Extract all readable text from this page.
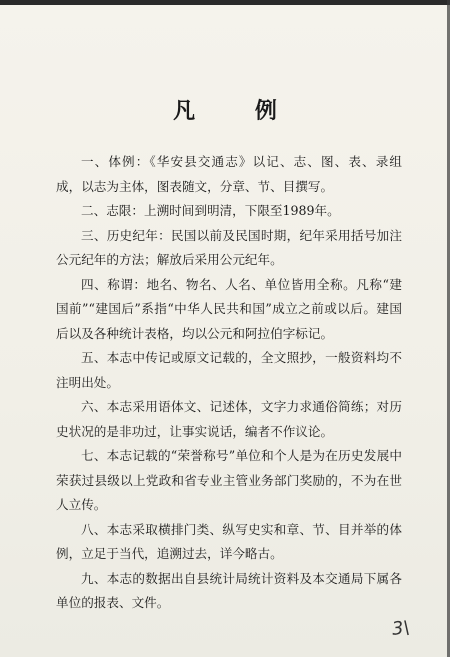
凡 例

一、体例：《华安县交通志》以记、志、图、表、录组成，以志为主体，图表随文，分章、节、目撰写。

二、志限：上溯时间到明清，下限至1989年。

三、历史纪年：民国以前及民国时期，纪年采用括号加注公元纪年的方法；解放后采用公元纪年。

四、称谓：地名、物名、人名、单位皆用全称。凡称“建国前”“建国后”系指“中华人民共和国”成立之前或以后。建国后以及各种统计表格，均以公元和阿拉伯字标记。

五、本志中传记或原文记载的，全文照抄，一般资料均不注明出处。

六、本志采用语体文、记述体，文字力求通俗简练；对历史状况的是非功过，让事实说话，编者不作议论。

七、本志记载的“荣誉称号”单位和个人是为在历史发展中荣获过县级以上党政和省专业主管业务部门奖励的，不为在世人立传。

八、本志采取横排门类、纵写史实和章、节、目并举的体例，立足于当代，追溯过去，详今略古。

九、本志的数据出自县统计局统计资料及本交通局下属各单位的报表、文件。

3\
